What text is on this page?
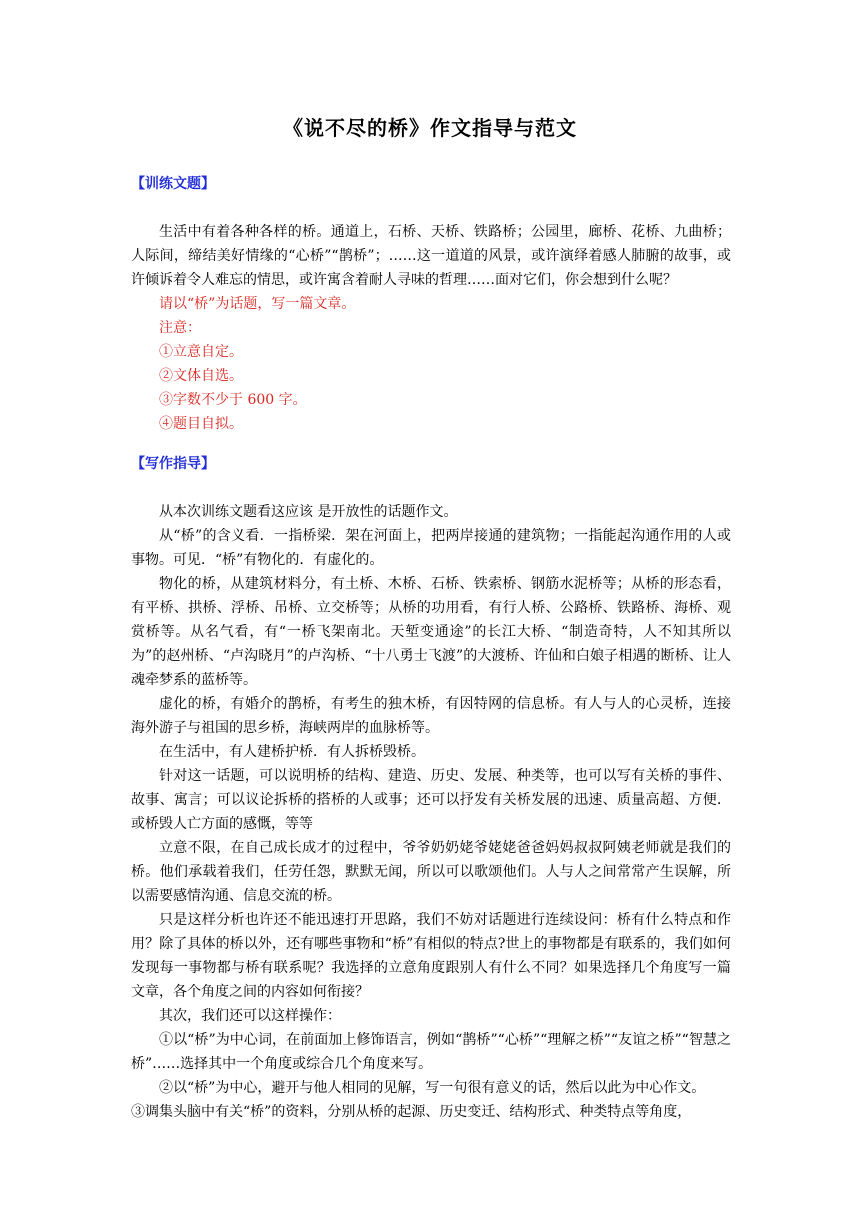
《说不尽的桥》作文指导与范文
【训练文题】

生活中有着各种各样的桥。通道上，石桥、天桥、铁路桥；公园里，廊桥、花桥、九曲桥；人际间，缔结美好情缘的“心桥”“鹊桥”；……这一道道的风景，或许演绎着感人肺腑的故事，或许倾诉着令人难忘的情思，或许寓含着耐人寻味的哲理……面对它们，你会想到什么呢？

请以“桥”为话题，写一篇文章。

注意：

①立意自定。

②文体自选。

③字数不少于 600 字。

④题目自拟。

【写作指导】

从本次训练文题看这应该 是开放性的话题作文。

从“桥”的含义看．一指桥梁．架在河面上，把两岸接通的建筑物；一指能起沟通作用的人或事物。可见．“桥”有物化的．有虚化的。

物化的桥，从建筑材料分，有土桥、木桥、石桥、铁索桥、钢筋水泥桥等；从桥的形态看，有平桥、拱桥、浮桥、吊桥、立交桥等；从桥的功用看，有行人桥、公路桥、铁路桥、海桥、观赏桥等。从名气看，有“一桥飞架南北。天堑变通途”的长江大桥、“制造奇特，人不知其所以为”的赵州桥、“卢沟晓月”的卢沟桥、“十八勇士飞渡”的大渡桥、许仙和白娘子相遇的断桥、让人魂牵梦系的蓝桥等。

虚化的桥，有婚介的鹊桥，有考生的独木桥，有因特网的信息桥。有人与人的心灵桥，连接海外游子与祖国的思乡桥，海峡两岸的血脉桥等。

在生活中，有人建桥护桥．有人拆桥毁桥。

针对这一话题，可以说明桥的结构、建造、历史、发展、种类等，也可以写有关桥的事件、故事、寓言；可以议论拆桥的搭桥的人或事；还可以抒发有关桥发展的迅速、质量高超、方便．或桥毁人亡方面的感慨，等等

立意不限，在自己成长成才的过程中，爷爷奶奶姥爷姥姥爸爸妈妈叔叔阿姨老师就是我们的桥。他们承载着我们，任劳任怨，默默无闻，所以可以歌颂他们。人与人之间常常产生误解，所以需要感情沟通、信息交流的桥。

只是这样分析也许还不能迅速打开思路，我们不妨对话题进行连续设问：桥有什么特点和作用？除了具体的桥以外，还有哪些事物和“桥”有相似的特点?世上的事物都是有联系的，我们如何发现每一事物都与桥有联系呢？我选择的立意角度跟别人有什么不同？如果选择几个角度写一篇文章，各个角度之间的内容如何衔接？

其次，我们还可以这样操作：

①以“桥”为中心词，在前面加上修饰语言，例如“鹊桥”“心桥”“理解之桥”“友谊之桥”“智慧之桥”……选择其中一个角度或综合几个角度来写。

②以“桥”为中心，避开与他人相同的见解，写一句很有意义的话，然后以此为中心作文。

③调集头脑中有关“桥”的资料，分别从桥的起源、历史变迁、结构形式、种类特点等角度，
